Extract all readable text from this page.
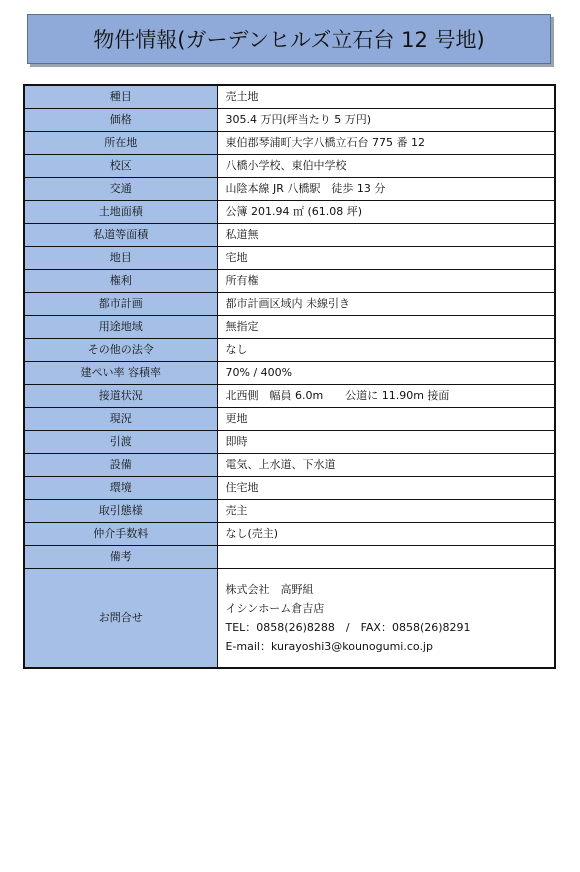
物件情報(ガーデンヒルズ立石台 12 号地)
種目	売土地
価格	305.4 万円(坪当たり 5 万円)
所在地	東伯郡琴浦町大字八橋立石台 775 番 12
校区	八橋小学校、東伯中学校
交通	山陰本線 JR 八橋駅　徒歩 13 分
土地面積	公簿 201.94 ㎡ (61.08 坪)
私道等面積	私道無
地目	宅地
権利	所有権
都市計画	都市計画区域内 未線引き
用途地域	無指定
その他の法令	なし
建ぺい率 容積率	70% / 400%
接道状況	北西側　幅員 6.0m　　公道に 11.90m 接面
現況	更地
引渡	即時
設備	電気、上水道、下水道
環境	住宅地
取引態様	売主
仲介手数料	なし(売主)
備考	
お問合せ	株式会社　高野組
イシンホーム倉吉店
TEL：0858(26)8288　/　FAX：0858(26)8291
E-mail：kurayoshi3@kounogumi.co.jp
